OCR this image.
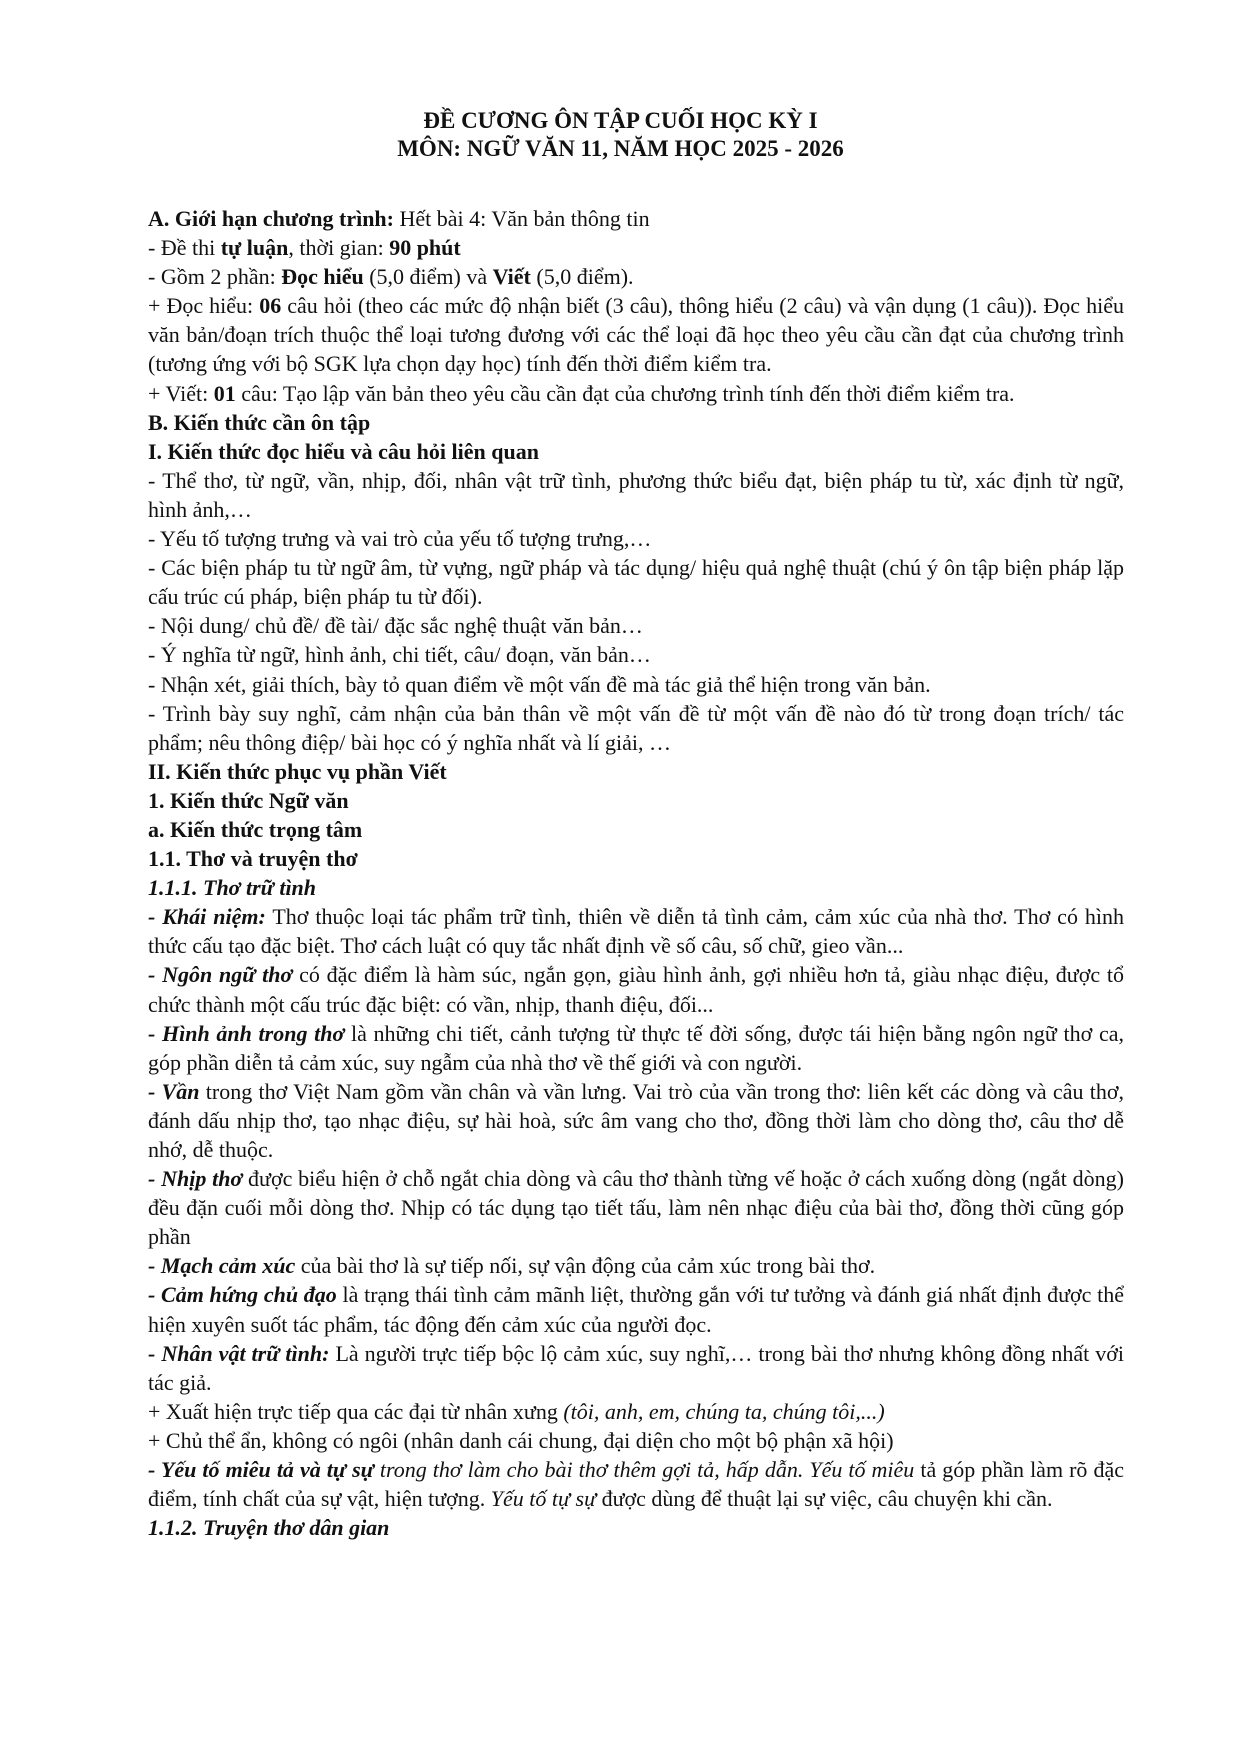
ĐỀ CƯƠNG ÔN TẬP CUỐI HỌC KỲ I
MÔN: NGỮ VĂN 11, NĂM HỌC 2025 - 2026

A. Giới hạn chương trình: Hết bài 4: Văn bản thông tin

- Đề thi tự luận, thời gian: 90 phút

- Gồm 2 phần: Đọc hiểu (5,0 điểm) và Viết (5,0 điểm).

+ Đọc hiểu: 06 câu hỏi (theo các mức độ nhận biết (3 câu), thông hiểu (2 câu) và vận dụng (1 câu)). Đọc hiểu văn bản/đoạn trích thuộc thể loại tương đương với các thể loại đã học theo yêu cầu cần đạt của chương trình (tương ứng với bộ SGK lựa chọn dạy học) tính đến thời điểm kiểm tra.

+ Viết: 01 câu: Tạo lập văn bản theo yêu cầu cần đạt của chương trình tính đến thời điểm kiểm tra.

B. Kiến thức cần ôn tập

I. Kiến thức đọc hiểu và câu hỏi liên quan

- Thể thơ, từ ngữ, vần, nhịp, đối, nhân vật trữ tình, phương thức biểu đạt, biện pháp tu từ, xác định từ ngữ, hình ảnh,…

- Yếu tố tượng trưng và vai trò của yếu tố tượng trưng,…

- Các biện pháp tu từ ngữ âm, từ vựng, ngữ pháp và tác dụng/ hiệu quả nghệ thuật (chú ý ôn tập biện pháp lặp cấu trúc cú pháp, biện pháp tu từ đối).

- Nội dung/ chủ đề/ đề tài/ đặc sắc nghệ thuật văn bản…

- Ý nghĩa từ ngữ, hình ảnh, chi tiết, câu/ đoạn, văn bản…

- Nhận xét, giải thích, bày tỏ quan điểm về một vấn đề mà tác giả thể hiện trong văn bản.

- Trình bày suy nghĩ, cảm nhận của bản thân về một vấn đề từ một vấn đề nào đó từ trong đoạn trích/ tác phẩm; nêu thông điệp/ bài học có ý nghĩa nhất và lí giải, …

II. Kiến thức phục vụ phần Viết

1. Kiến thức Ngữ văn

a. Kiến thức trọng tâm

1.1. Thơ và truyện thơ

1.1.1. Thơ trữ tình

- Khái niệm: Thơ thuộc loại tác phẩm trữ tình, thiên về diễn tả tình cảm, cảm xúc của nhà thơ. Thơ có hình thức cấu tạo đặc biệt. Thơ cách luật có quy tắc nhất định về số câu, số chữ, gieo vần...

- Ngôn ngữ thơ có đặc điểm là hàm súc, ngắn gọn, giàu hình ảnh, gợi nhiều hơn tả, giàu nhạc điệu, được tổ chức thành một cấu trúc đặc biệt: có vần, nhịp, thanh điệu, đối...

- Hình ảnh trong thơ là những chi tiết, cảnh tượng từ thực tế đời sống, được tái hiện bằng ngôn ngữ thơ ca, góp phần diễn tả cảm xúc, suy ngẫm của nhà thơ về thế giới và con người.

- Vần trong thơ Việt Nam gồm vần chân và vần lưng. Vai trò của vần trong thơ: liên kết các dòng và câu thơ, đánh dấu nhịp thơ, tạo nhạc điệu, sự hài hoà, sức âm vang cho thơ, đồng thời làm cho dòng thơ, câu thơ dễ nhớ, dễ thuộc.

- Nhịp thơ được biểu hiện ở chỗ ngắt chia dòng và câu thơ thành từng vế hoặc ở cách xuống dòng (ngắt dòng) đều đặn cuối mỗi dòng thơ. Nhịp có tác dụng tạo tiết tấu, làm nên nhạc điệu của bài thơ, đồng thời cũng góp phần

- Mạch cảm xúc của bài thơ là sự tiếp nối, sự vận động của cảm xúc trong bài thơ.

- Cảm hứng chủ đạo là trạng thái tình cảm mãnh liệt, thường gắn với tư tưởng và đánh giá nhất định được thể hiện xuyên suốt tác phẩm, tác động đến cảm xúc của người đọc.

- Nhân vật trữ tình: Là người trực tiếp bộc lộ cảm xúc, suy nghĩ,… trong bài thơ nhưng không đồng nhất với tác giả.

+ Xuất hiện trực tiếp qua các đại từ nhân xưng (tôi, anh, em, chúng ta, chúng tôi,...)

+ Chủ thể ẩn, không có ngôi (nhân danh cái chung, đại diện cho một bộ phận xã hội)

- Yếu tố miêu tả và tự sự trong thơ làm cho bài thơ thêm gợi tả, hấp dẫn. Yếu tố miêu tả góp phần làm rõ đặc điểm, tính chất của sự vật, hiện tượng. Yếu tố tự sự được dùng để thuật lại sự việc, câu chuyện khi cần.

1.1.2. Truyện thơ dân gian
